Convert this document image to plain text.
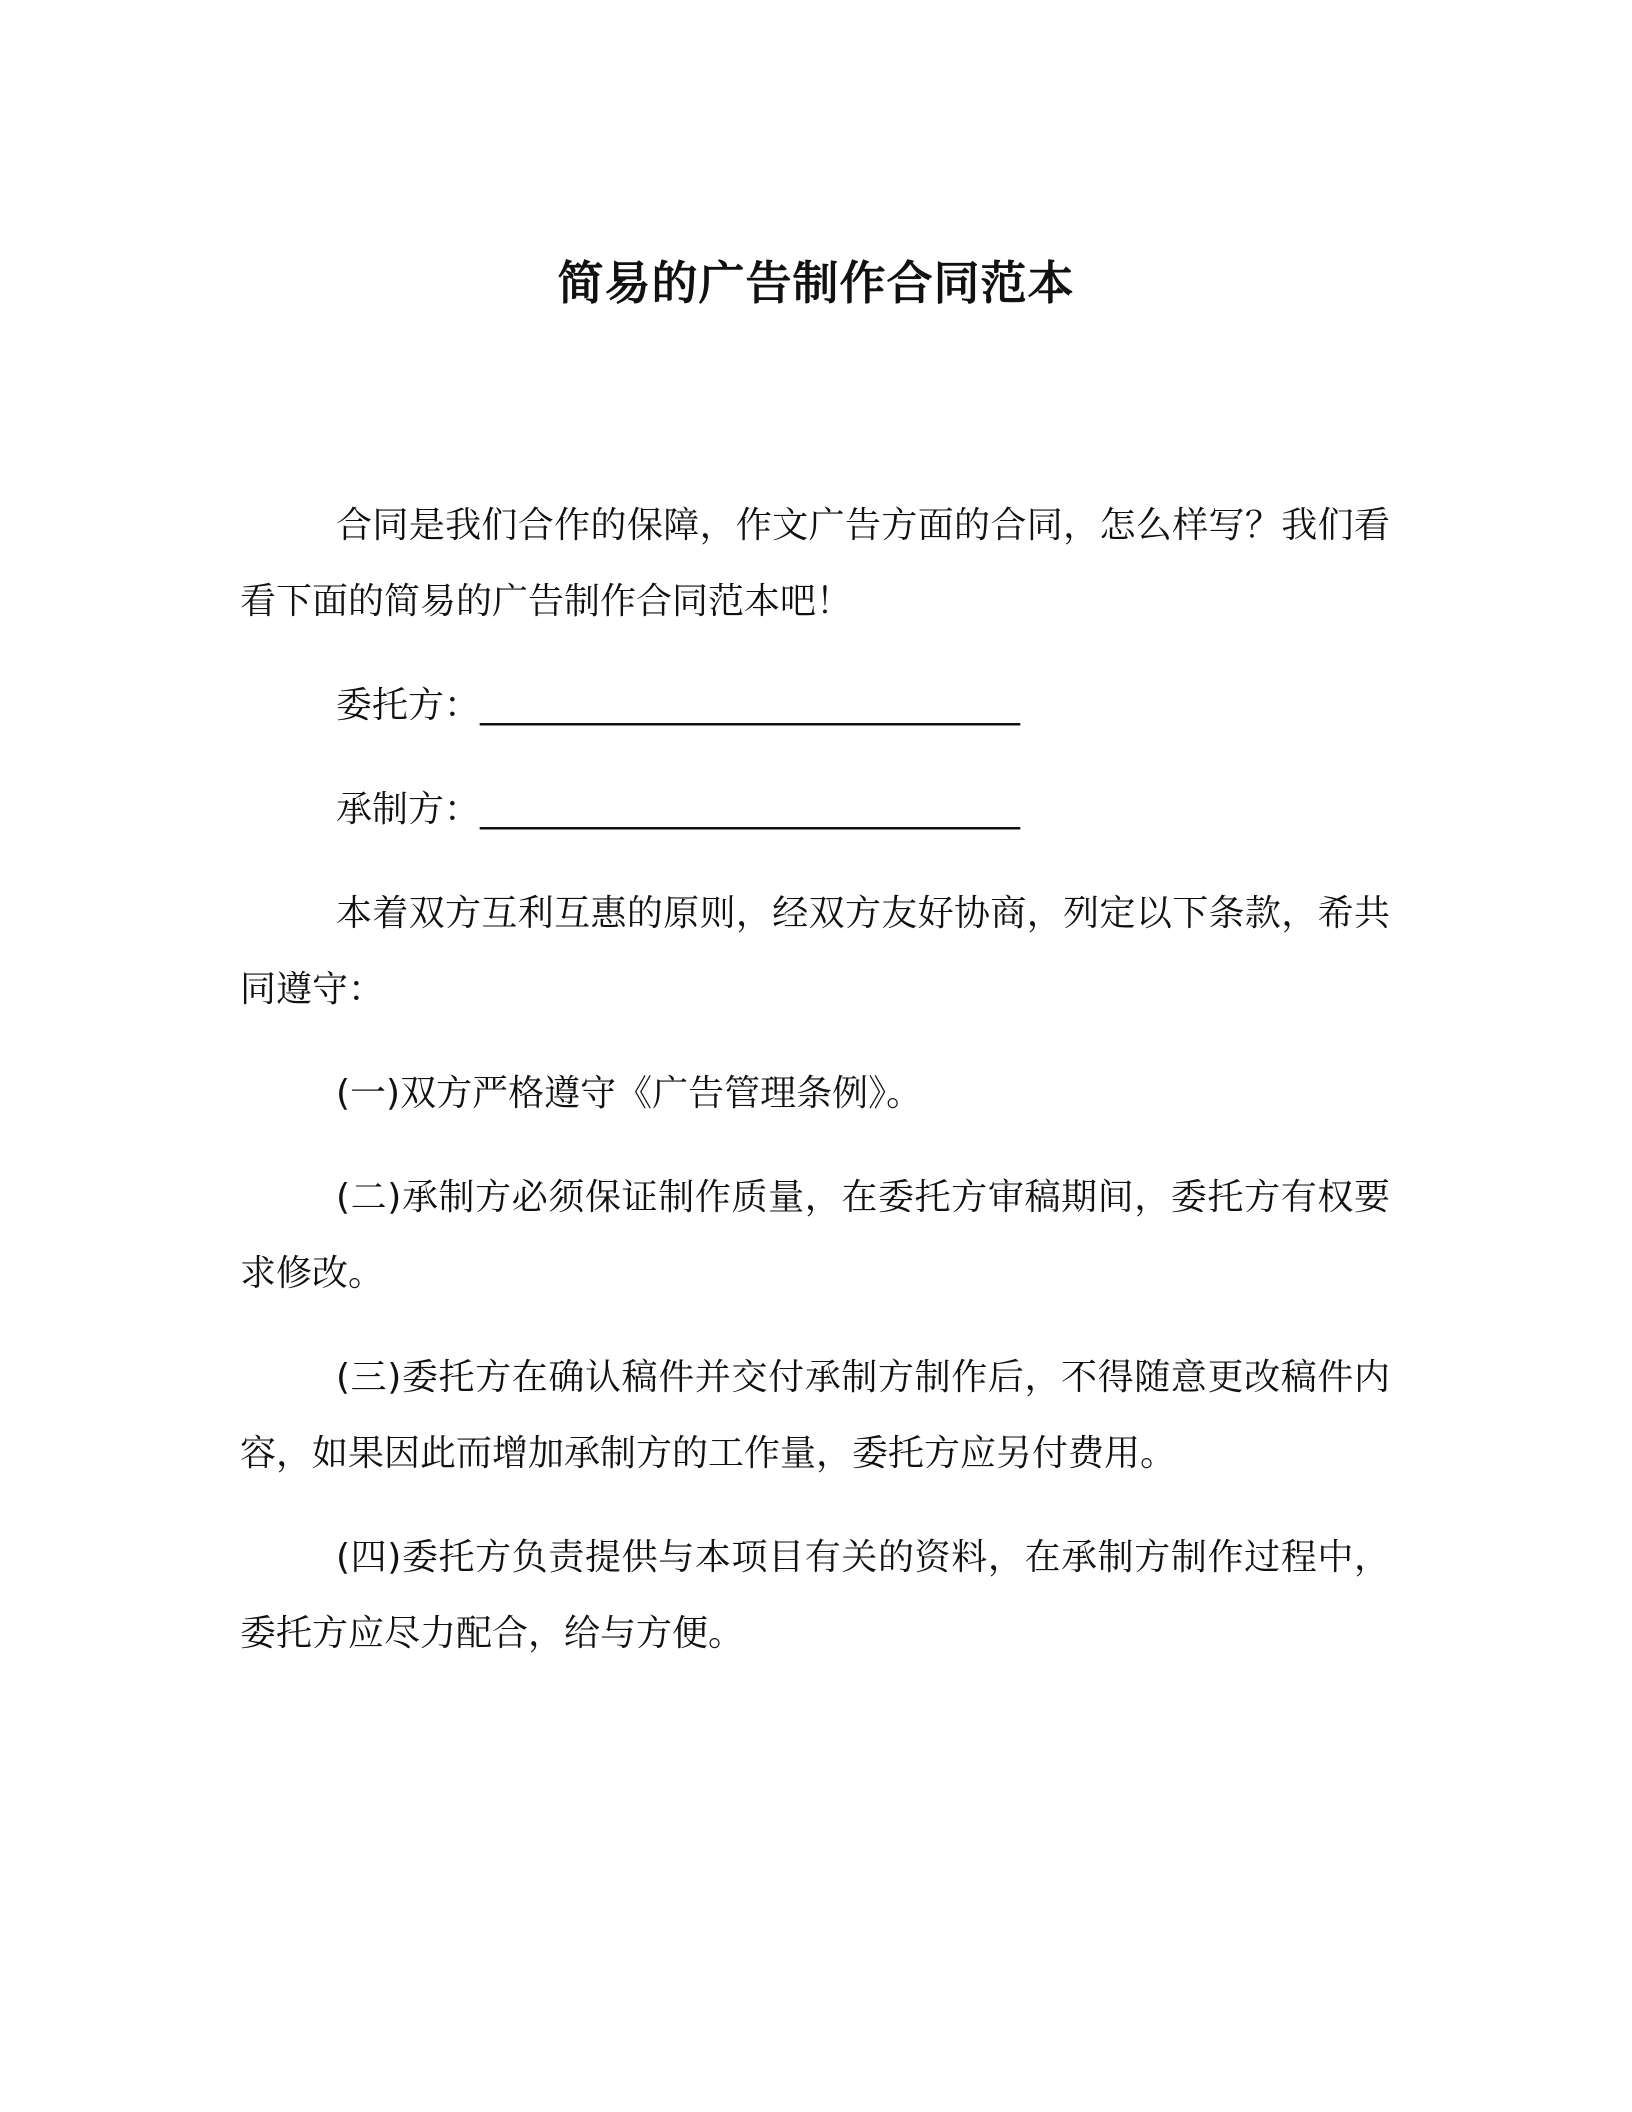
简易的广告制作合同范本

合同是我们合作的保障，作文广告方面的合同，怎么样写？我们看看下面的简易的广告制作合同范本吧！

委托方：______________________________

承制方：______________________________

本着双方互利互惠的原则，经双方友好协商，列定以下条款，希共同遵守：

(一)双方严格遵守《广告管理条例》。

(二)承制方必须保证制作质量，在委托方审稿期间，委托方有权要求修改。

(三)委托方在确认稿件并交付承制方制作后，不得随意更改稿件内容，如果因此而增加承制方的工作量，委托方应另付费用。

(四)委托方负责提供与本项目有关的资料，在承制方制作过程中，委托方应尽力配合，给与方便。
